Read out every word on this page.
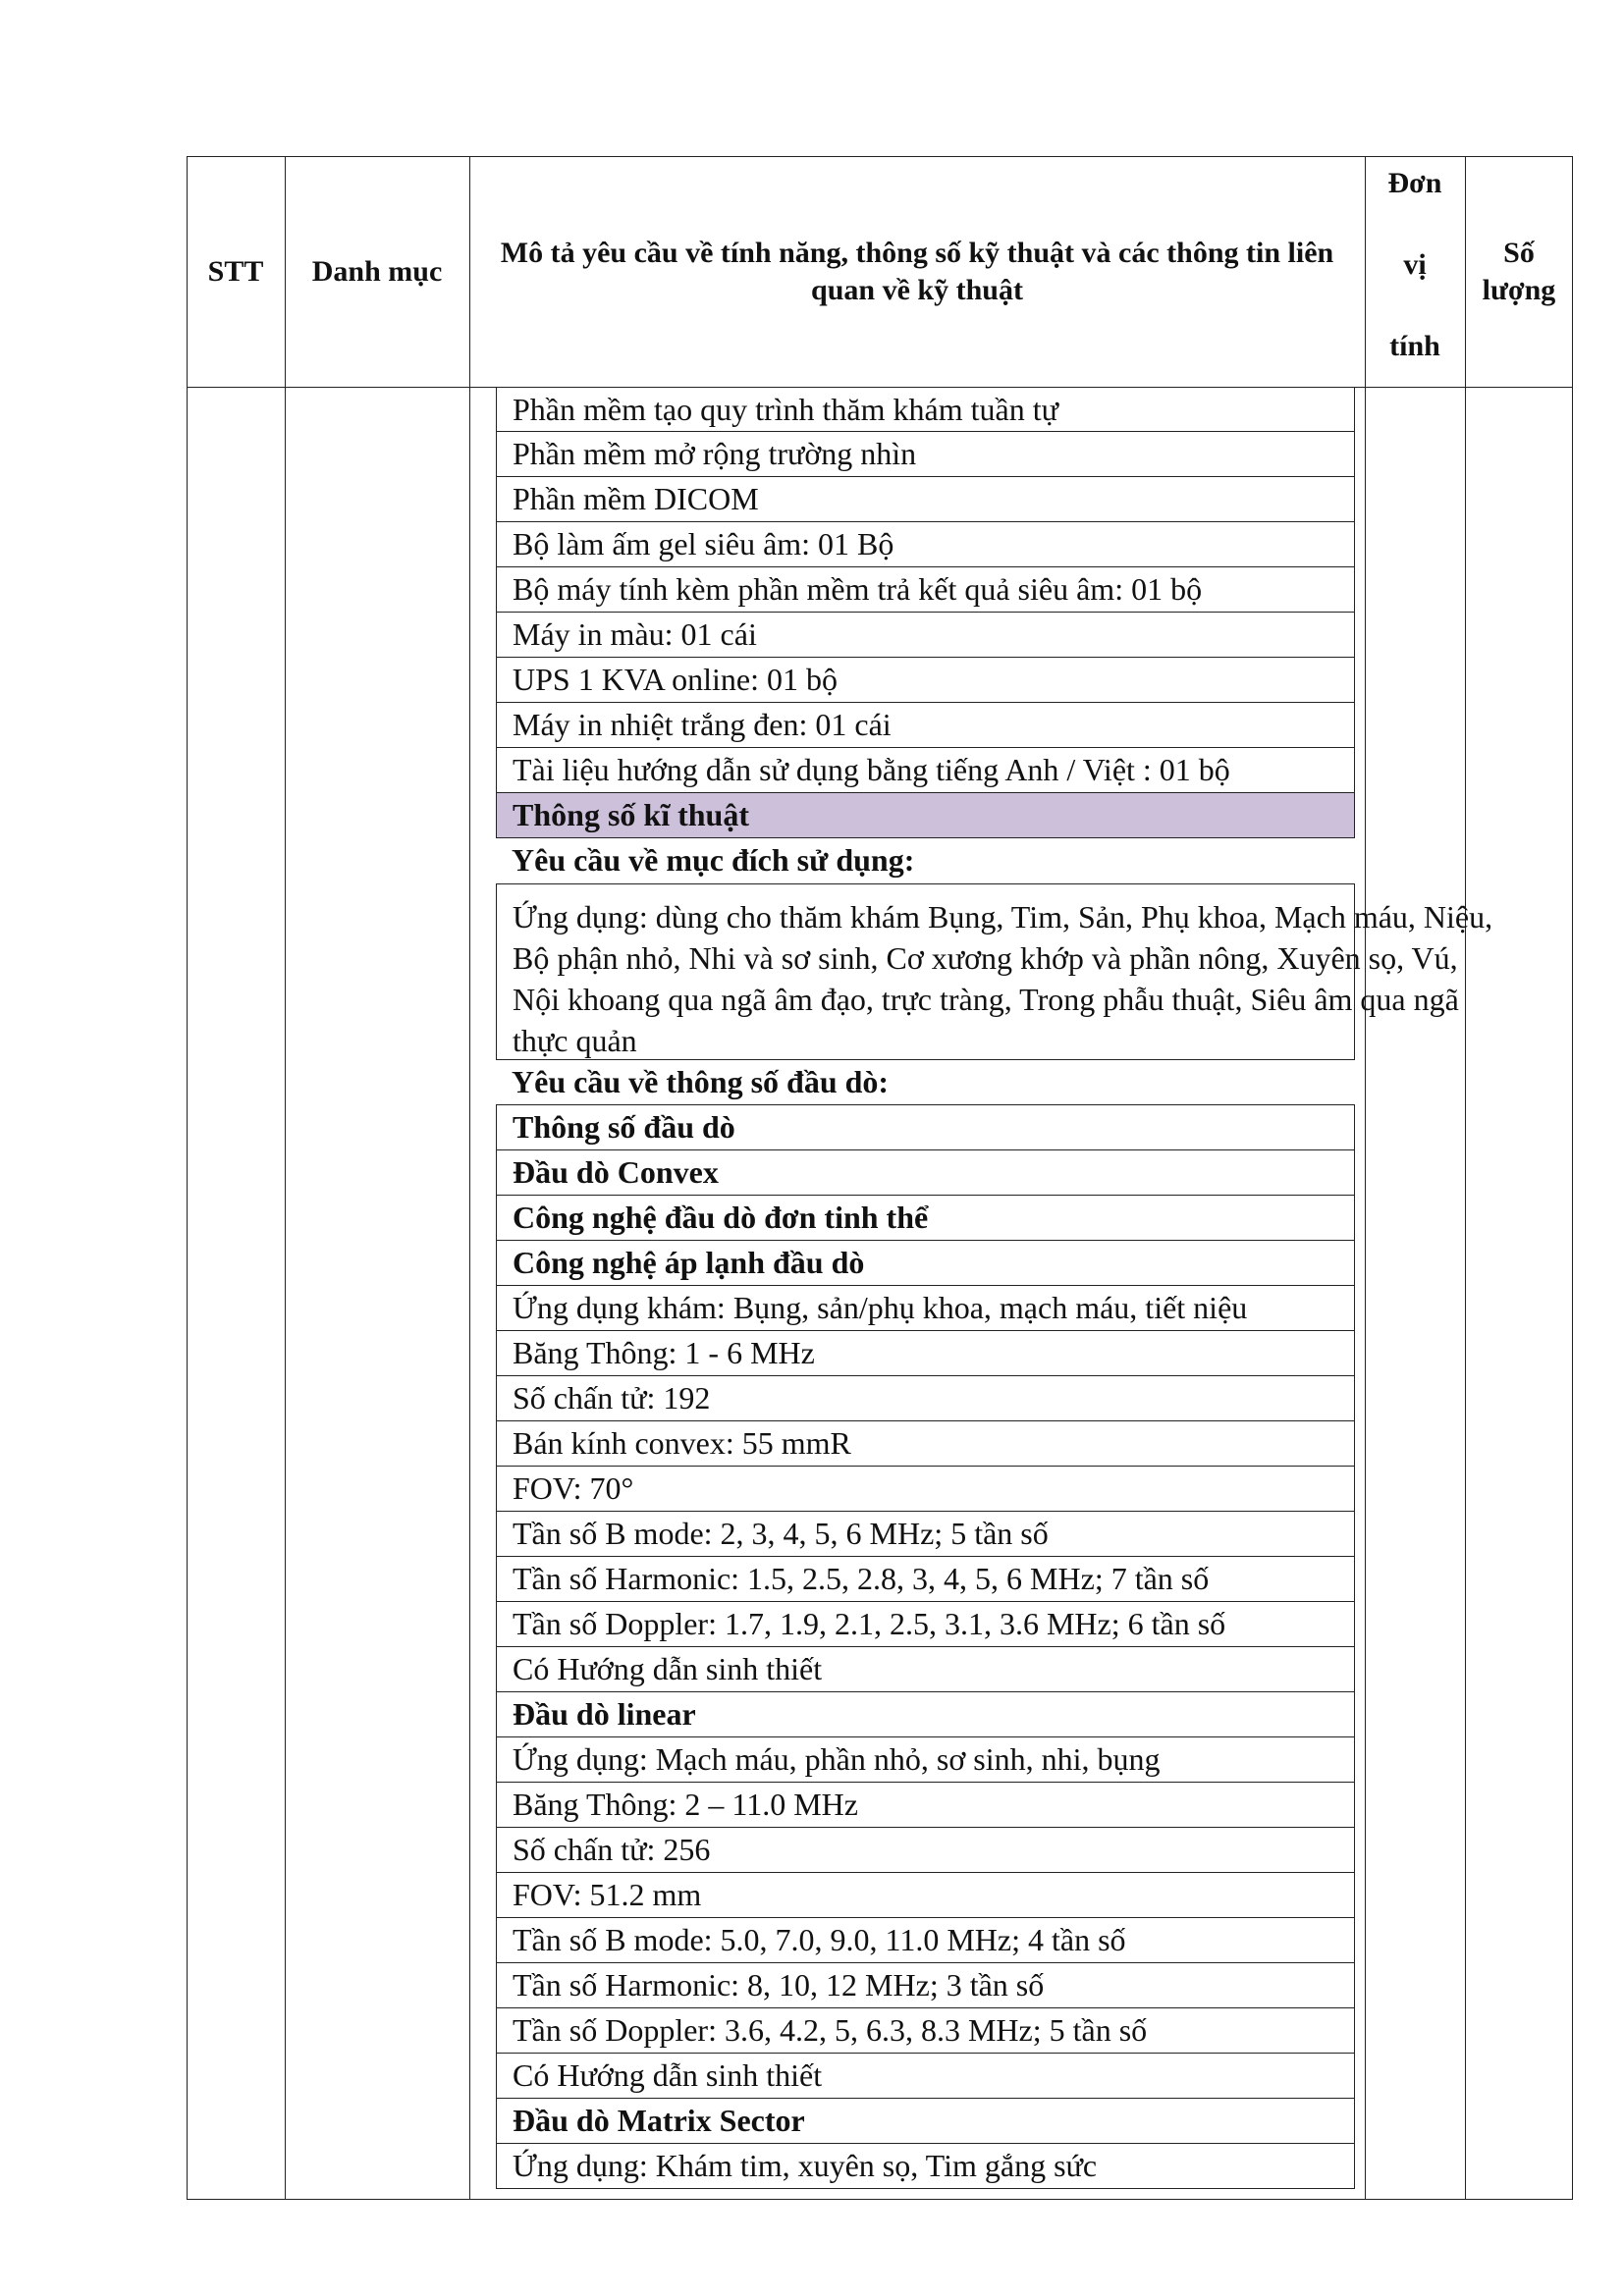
STT	Danh mục
Mô tả yêu cầu về tính năng, thông số kỹ thuật và các thông tin liên quan về kỹ thuật
Đơn
vị
tính
Số lượng
Phần mềm tạo quy trình thăm khám tuần tự
Phần mềm mở rộng trường nhìn
Phần mềm DICOM
Bộ làm ấm gel siêu âm: 01 Bộ
Bộ máy tính kèm phần mềm trả kết quả siêu âm: 01 bộ
Máy in màu: 01 cái
UPS 1 KVA online: 01 bộ
Máy in nhiệt trắng đen: 01 cái
Tài liệu hướng dẫn sử dụng bằng tiếng Anh / Việt : 01 bộ
Thông số kĩ thuật
Yêu cầu về mục đích sử dụng:
Ứng dụng: dùng cho thăm khám Bụng, Tim, Sản, Phụ khoa, Mạch máu, Niệu, Bộ phận nhỏ, Nhi và sơ sinh, Cơ xương khớp và phần nông, Xuyên sọ, Vú, Nội khoang qua ngã âm đạo, trực tràng, Trong phẫu thuật, Siêu âm qua ngã thực quản
Yêu cầu về thông số đầu dò:
Thông số đầu dò
Đầu dò Convex
Công nghệ đầu dò đơn tinh thể
Công nghệ áp lạnh đầu dò
Ứng dụng khám: Bụng, sản/phụ khoa, mạch máu, tiết niệu
Băng Thông: 1 - 6 MHz
Số chấn tử: 192
Bán kính convex: 55 mmR
FOV: 70°
Tần số B mode: 2, 3, 4, 5, 6 MHz; 5 tần số
Tần số Harmonic: 1.5, 2.5, 2.8, 3, 4, 5, 6 MHz; 7 tần số
Tần số Doppler: 1.7, 1.9, 2.1, 2.5, 3.1, 3.6 MHz; 6 tần số
Có Hướng dẫn sinh thiết
Đầu dò linear
Ứng dụng: Mạch máu, phần nhỏ, sơ sinh, nhi, bụng
Băng Thông: 2 – 11.0 MHz
Số chấn tử: 256
FOV: 51.2 mm
Tần số B mode: 5.0, 7.0, 9.0, 11.0 MHz; 4 tần số
Tần số Harmonic: 8, 10, 12 MHz; 3 tần số
Tần số Doppler: 3.6, 4.2, 5, 6.3, 8.3 MHz; 5 tần số
Có Hướng dẫn sinh thiết
Đầu dò Matrix Sector
Ứng dụng: Khám tim, xuyên sọ, Tim gắng sức
